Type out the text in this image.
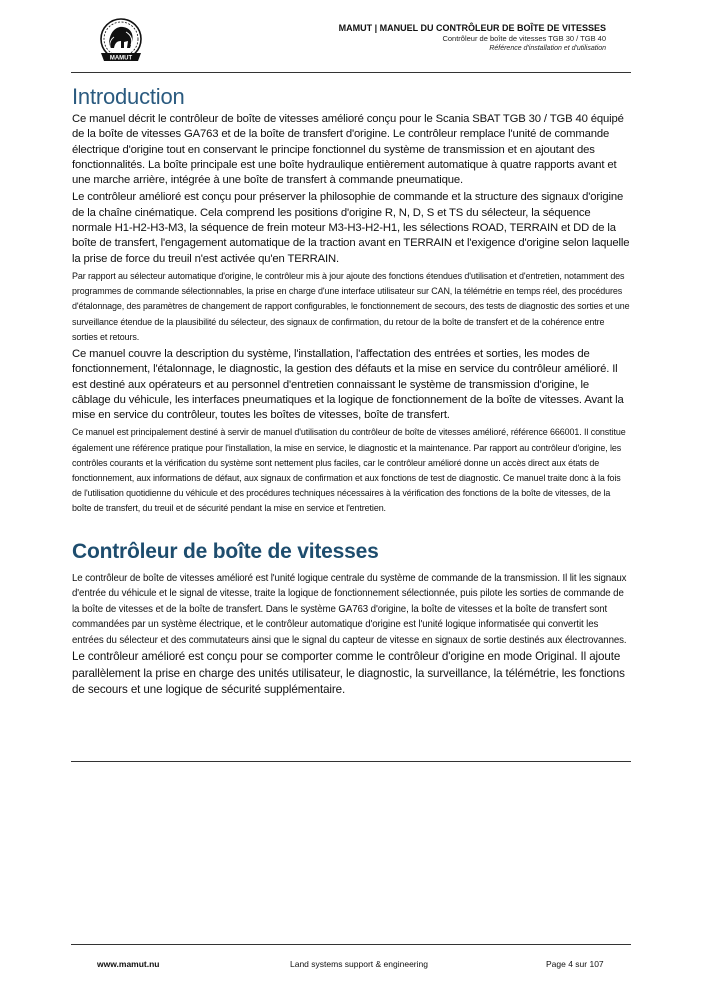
MAMUT
MAMUT | MANUEL DU CONTRÔLEUR DE BOÎTE DE VITESSES
Contrôleur de boîte de vitesses TGB 30 / TGB 40
Référence d'installation et d'utilisation
Introduction

Ce manuel décrit le contrôleur de boîte de vitesses amélioré conçu pour le Scania SBAT TGB 30 / TGB 40 équipé de la boîte de vitesses GA763 et de la boîte de transfert d'origine. Le contrôleur remplace l'unité de commande électrique d'origine tout en conservant le principe fonctionnel du système de transmission et en ajoutant des fonctionnalités. La boîte principale est une boîte hydraulique entièrement automatique à quatre rapports avant et une marche arrière, intégrée à une boîte de transfert à commande pneumatique.

Le contrôleur amélioré est conçu pour préserver la philosophie de commande et la structure des signaux d'origine de la chaîne cinématique. Cela comprend les positions d'origine R, N, D, S et TS du sélecteur, la séquence normale H1-H2-H3-M3, la séquence de frein moteur M3-H3-H2-H1, les sélections ROAD, TERRAIN et DD de la boîte de transfert, l'engagement automatique de la traction avant en TERRAIN et l'exigence d'origine selon laquelle la prise de force du treuil n'est activée qu'en TERRAIN.

Par rapport au sélecteur automatique d'origine, le contrôleur mis à jour ajoute des fonctions étendues d'utilisation et d'entretien, notamment des programmes de commande sélectionnables, la prise en charge d'une interface utilisateur sur CAN, la télémétrie en temps réel, des procédures d'étalonnage, des paramètres de changement de rapport configurables, le fonctionnement de secours, des tests de diagnostic des sorties et une surveillance étendue de la plausibilité du sélecteur, des signaux de confirmation, du retour de la boîte de transfert et de la cohérence entre sorties et retours.

Ce manuel couvre la description du système, l'installation, l'affectation des entrées et sorties, les modes de fonctionnement, l'étalonnage, le diagnostic, la gestion des défauts et la mise en service du contrôleur amélioré. Il est destiné aux opérateurs et au personnel d'entretien connaissant le système de transmission d'origine, le câblage du véhicule, les interfaces pneumatiques et la logique de fonctionnement de la boîte de vitesses. Avant la mise en service du contrôleur, toutes les boîtes de vitesses, boîte de transfert.

Ce manuel est principalement destiné à servir de manuel d'utilisation du contrôleur de boîte de vitesses amélioré, référence 666001. Il constitue également une référence pratique pour l'installation, la mise en service, le diagnostic et la maintenance. Par rapport au contrôleur d'origine, les contrôles courants et la vérification du système sont nettement plus faciles, car le contrôleur amélioré donne un accès direct aux états de fonctionnement, aux informations de défaut, aux signaux de confirmation et aux fonctions de test de diagnostic. Ce manuel traite donc à la fois de l'utilisation quotidienne du véhicule et des procédures techniques nécessaires à la vérification des fonctions de la boîte de vitesses, de la boîte de transfert, du treuil et de sécurité pendant la mise en service et l'entretien.

Contrôleur de boîte de vitesses

Le contrôleur de boîte de vitesses amélioré est l'unité logique centrale du système de commande de la transmission. Il lit les signaux d'entrée du véhicule et le signal de vitesse, traite la logique de fonctionnement sélectionnée, puis pilote les sorties de commande de la boîte de vitesses et de la boîte de transfert. Dans le système GA763 d'origine, la boîte de vitesses et la boîte de transfert sont commandées par un système électrique, et le contrôleur automatique d'origine est l'unité logique informatisée qui convertit les entrées du sélecteur et des commutateurs ainsi que le signal du capteur de vitesse en signaux de sortie destinés aux électrovannes.

Le contrôleur amélioré est conçu pour se comporter comme le contrôleur d'origine en mode Original. Il ajoute parallèlement la prise en charge des unités utilisateur, le diagnostic, la surveillance, la télémétrie, les fonctions de secours et une logique de sécurité supplémentaire.

www.mamut.nu	Land systems support & engineering	Page 4 sur 107
